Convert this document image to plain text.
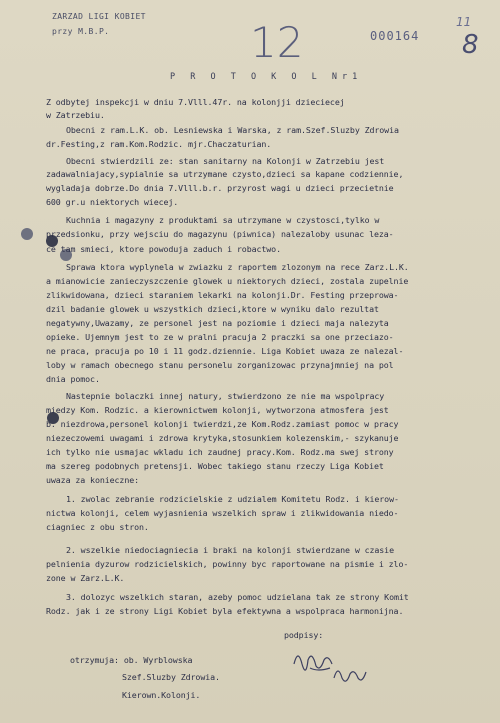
ZARZAD LIGI KOBIET
przy M.B.P.	12	000164
11
8
P R O T O K O L Nr1
Z odbytej inspekcji w dniu 7.Vlll.47r. na kolonjji dzieciecej
w Zatrzebiu.
Obecni z ram.L.K. ob. Lesniewska i Warska, z ram.Szef.Sluzby Zdrowia
dr.Festing,z ram.Kom.Rodzic. mjr.Chaczaturian.
Obecni stwierdzili ze: stan sanitarny na Kolonji w Zatrzebiu jest
zadawalniajacy,sypialnie sa utrzymane czysto,dzieci sa kapane codziennie,
wygladaja dobrze.Do dnia 7.Vlll.b.r. przyrost wagi u dzieci przecietnie
600 gr.u niektorych wiecej.
Kuchnia i magazyny z produktami sa utrzymane w czystosci,tylko w
przedsionku, przy wejsciu do magazynu (piwnica) nalezaloby usunac leza-
ce tam smieci, ktore powoduja zaduch i robactwo.
Sprawa ktora wyplynela w zwiazku z raportem zlozonym na rece Zarz.L.K.
a mianowicie zanieczyszczenie glowek u niektorych dzieci, zostala zupelnie
zlikwidowana, dzieci staraniem lekarki na kolonji.Dr. Festing przeprowa-
dzil badanie glowek u wszystkich dzieci,ktore w wyniku dalo rezultat
negatywny,Uwazamy, ze personel jest na poziomie i dzieci maja nalezyta
opieke. Ujemnym jest to ze w pralni pracuja 2 praczki sa one przeciazo-
ne praca, pracuja po 10 i 11 godz.dziennie. Liga Kobiet uwaza ze nalezal-
loby w ramach obecnego stanu personelu zorganizowac przynajmniej na pol
dnia pomoc.
Nastepnie bolaczki innej natury, stwierdzono ze nie ma wspolpracy
miedzy Kom. Rodzic. a kierownictwem kolonji, wytworzona atmosfera jest
b. niezdrowa,personel kolonji twierdzi,ze Kom.Rodz.zamiast pomoc w pracy
niezeczowemi uwagami i zdrowa krytyka,stosunkiem kolezenskim,- szykanuje
ich tylko nie usmajac wkladu ich zaudnej pracy.Kom. Rodz.ma swej strony
ma szereg podobnych pretensji. Wobec takiego stanu rzeczy Liga Kobiet
uwaza za konieczne:
1. zwolac zebranie rodzicielskie z udzialem Komitetu Rodz. i kierow-
nictwa kolonji, celem wyjasnienia wszelkich spraw i zlikwidowania niedo-
ciagniec z obu stron.
2. wszelkie niedociagniecia i braki na kolonji stwierdzane w czasie
pelnienia dyzurow rodzicielskich, powinny byc raportowane na pismie i zlo-
zone w Zarz.L.K.
3. dolozyc wszelkich staran, azeby pomoc udzielana tak ze strony Komit
Rodz. jak i ze strony Ligi Kobiet byla efektywna a wspolpraca harmonijna.
podpisy:
otrzymuja: ob. Wyrblowska
Szef.Sluzby Zdrowia.
Kierown.Kolonji.
